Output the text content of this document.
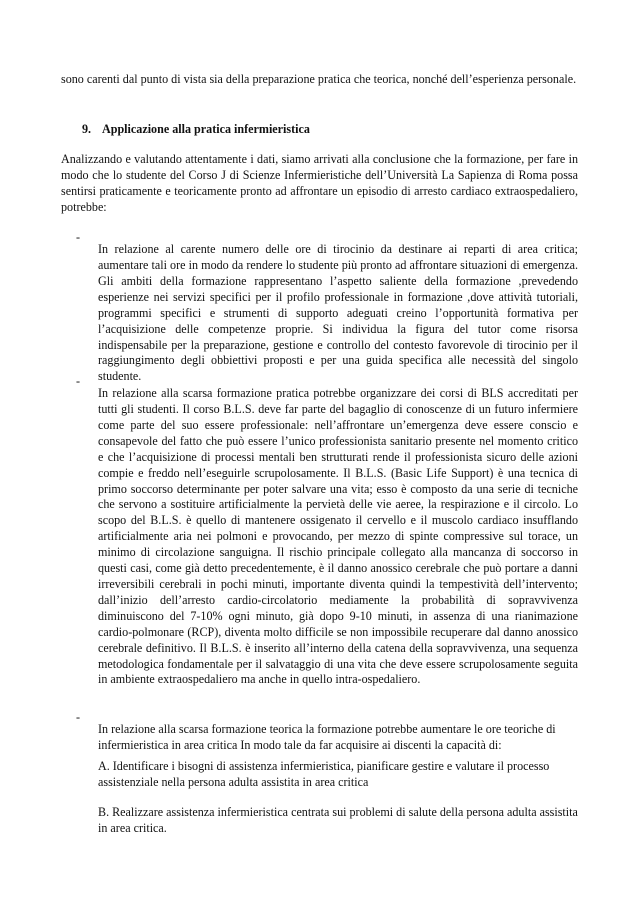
sono carenti dal punto di vista sia della preparazione pratica che teorica, nonché dell’esperienza personale.

9. Applicazione alla pratica infermieristica

Analizzando e valutando attentamente i dati, siamo arrivati alla conclusione che la formazione, per fare in modo che lo studente del Corso J di Scienze Infermieristiche dell’Università La Sapienza di Roma possa sentirsi praticamente e teoricamente pronto ad affrontare un episodio di arresto cardiaco extraospedaliero, potrebbe:

-

In relazione al carente numero delle ore di tirocinio da destinare ai reparti di area critica; aumentare tali ore in modo da rendere lo studente più pronto ad affrontare situazioni di emergenza. Gli ambiti della formazione rappresentano l’aspetto saliente della formazione ,prevedendo esperienze nei servizi specifici per il profilo professionale in formazione ,dove attività tutoriali, programmi specifici e strumenti di supporto adeguati creino l’opportunità formativa per l’acquisizione delle competenze proprie. Si individua la figura del tutor come risorsa indispensabile per la preparazione, gestione e controllo del contesto favorevole di tirocinio per il raggiungimento degli obbiettivi proposti e per una guida specifica alle necessità del singolo studente.

-

In relazione alla scarsa formazione pratica potrebbe organizzare dei corsi di BLS accreditati per tutti gli studenti. Il corso B.L.S. deve far parte del bagaglio di conoscenze di un futuro infermiere come parte del suo essere professionale: nell’affrontare un’emergenza deve essere conscio e consapevole del fatto che può essere l’unico professionista sanitario presente nel momento critico e che l’acquisizione di processi mentali ben strutturati rende il professionista sicuro delle azioni compie e freddo nell’eseguirle scrupolosamente. Il B.L.S. (Basic Life Support) è una tecnica di primo soccorso determinante per poter salvare una vita; esso è composto da una serie di tecniche che servono a sostituire artificialmente la pervietà delle vie aeree, la respirazione e il circolo. Lo scopo del B.L.S. è quello di mantenere ossigenato il cervello e il muscolo cardiaco insufflando artificialmente aria nei polmoni e provocando, per mezzo di spinte compressive sul torace, un minimo di circolazione sanguigna. Il rischio principale collegato alla mancanza di soccorso in questi casi, come già detto precedentemente, è il danno anossico cerebrale che può portare a danni irreversibili cerebrali in pochi minuti, importante diventa quindi la tempestività dell’intervento; dall’inizio dell’arresto cardio-circolatorio mediamente la probabilità di sopravvivenza diminuiscono del 7-10% ogni minuto, già dopo 9-10 minuti, in assenza di una rianimazione cardio-polmonare (RCP), diventa molto difficile se non impossibile recuperare dal danno anossico cerebrale definitivo. Il B.L.S. è inserito all’interno della catena della sopravvivenza, una sequenza metodologica fondamentale per il salvataggio di una vita che deve essere scrupolosamente seguita in ambiente extraospedaliero ma anche in quello intra-ospedaliero.

-

In relazione alla scarsa formazione teorica la formazione potrebbe aumentare le ore teoriche di infermieristica in area critica In modo tale da far acquisire ai discenti la capacità di:

A. Identificare i bisogni di assistenza infermieristica, pianificare gestire e valutare il processo assistenziale nella persona adulta assistita in area critica

B. Realizzare assistenza infermieristica centrata sui problemi di salute della persona adulta assistita in area critica.
